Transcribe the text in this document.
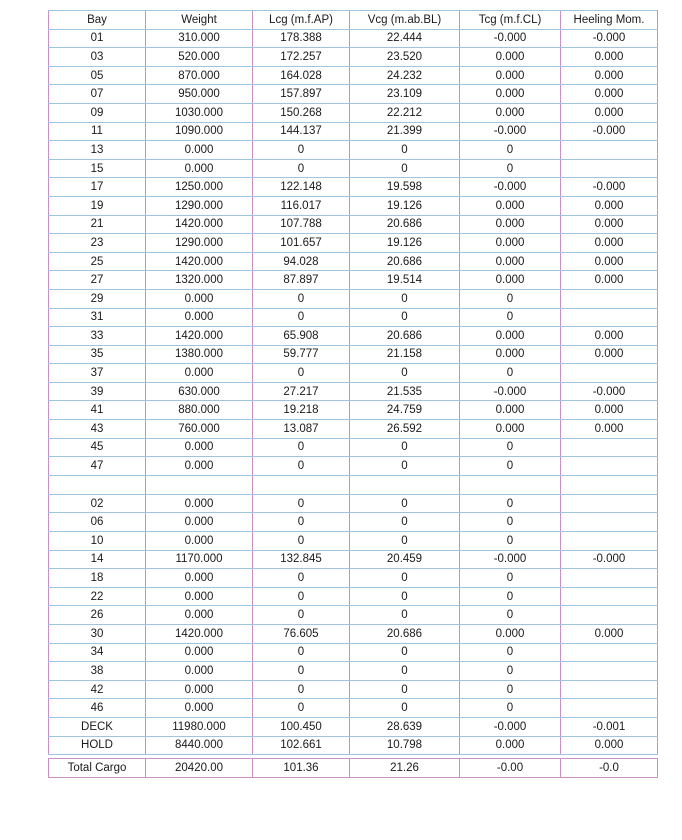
Bay	Weight	Lcg (m.f.AP)	Vcg (m.ab.BL)	Tcg (m.f.CL)	Heeling Mom.
01	310.000	178.388	22.444	-0.000	-0.000
03	520.000	172.257	23.520	0.000	0.000
05	870.000	164.028	24.232	0.000	0.000
07	950.000	157.897	23.109	0.000	0.000
09	1030.000	150.268	22.212	0.000	0.000
11	1090.000	144.137	21.399	-0.000	-0.000
13	0.000	0	0	0	
15	0.000	0	0	0	
17	1250.000	122.148	19.598	-0.000	-0.000
19	1290.000	116.017	19.126	0.000	0.000
21	1420.000	107.788	20.686	0.000	0.000
23	1290.000	101.657	19.126	0.000	0.000
25	1420.000	94.028	20.686	0.000	0.000
27	1320.000	87.897	19.514	0.000	0.000
29	0.000	0	0	0	
31	0.000	0	0	0	
33	1420.000	65.908	20.686	0.000	0.000
35	1380.000	59.777	21.158	0.000	0.000
37	0.000	0	0	0	
39	630.000	27.217	21.535	-0.000	-0.000
41	880.000	19.218	24.759	0.000	0.000
43	760.000	13.087	26.592	0.000	0.000
45	0.000	0	0	0	
47	0.000	0	0	0	

02	0.000	0	0	0	
06	0.000	0	0	0	
10	0.000	0	0	0	
14	1170.000	132.845	20.459	-0.000	-0.000
18	0.000	0	0	0	
22	0.000	0	0	0	
26	0.000	0	0	0	
30	1420.000	76.605	20.686	0.000	0.000
34	0.000	0	0	0	
38	0.000	0	0	0	
42	0.000	0	0	0	
46	0.000	0	0	0	
DECK	11980.000	100.450	28.639	-0.000	-0.001
HOLD	8440.000	102.661	10.798	0.000	0.000
Total Cargo	20420.00	101.36	21.26	-0.00	-0.0
